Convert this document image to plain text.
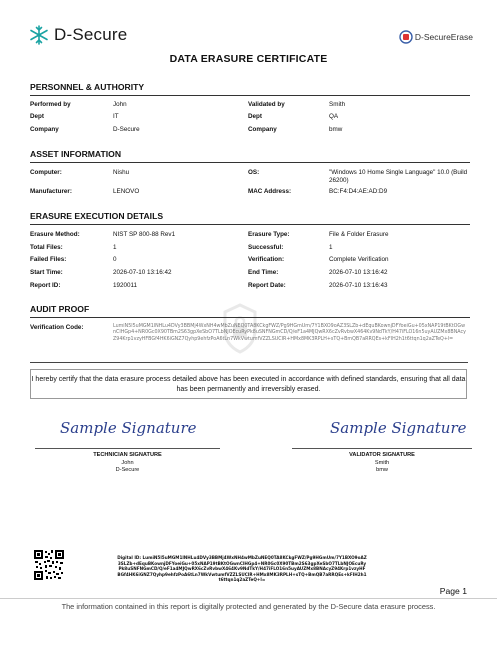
D-Secure	D-SecureErase
DATA ERASURE CERTIFICATE
PERSONNEL & AUTHORITY
Performed by	John	Validated by	Smith
Dept	IT	Dept	QA
Company	D-Secure	Company	bmw
ASSET INFORMATION
Computer:	Nishu	OS:	"Windows 10 Home Single Language" 10.0 (Build 26200)
Manufacturer:	LENOVO	MAC Address:	BC:F4:D4:AE:AD:D9
ERASURE EXECUTION DETAILS
Erasure Method:	NIST SP 800-88 Rev1	Erasure Type:	File & Folder Erasure
Total Files:	1	Successful:	1
Failed Files:	0	Verification:	Complete Verification
Start Time:	2026-07-10 13:16:42	End Time:	2026-07-10 13:16:42
Report ID:	1920011	Report Date:	2026-07-10 13:16:43
AUDIT PROOF
Verification Code:	LumiN5l5uMGM1lNHLu4DVy3BBMj4WxNH4wMbZuNEQ0TA8KCkgFWZ/Pg9HGmUm/7Y1BXO9oAZ3SLZb+dEquBKownjDFYoeiGu+05xNAP19tBKtOGwnClHGp4+NR0Gc0X90TBm2S63gpXeSbO7TLbNJOEcuRyPk8uSNFNGmCD/Q/eF1a4MJQwRX6cZvRvbwX464Kv9NdTkY/H47iFLO16n5uyAUZMx8BNAcyZ94Krp1vzyHFBGf4HK6iGNZ7Qyhp9ehfzPoA6tLn7WkVwtumfVZZLSUCIR+HMx8MK3RPLH+sTQ+BmQB7aRRQEs+kFIH2h1t6ttqn1q2aZTeQ+l=
I hereby certify that the data erasure process detailed above has been executed in accordance with defined standards, ensuring that all data has been permanently and irreversibly erased.
Sample Signature
TECHNICIAN SIGNATURE
John
D-Secure
Sample Signature
VALIDATOR SIGNATURE
Smith
bmw
Digital ID: LumiN5l5uMGM1lNHLu4DVy3BBMj4WxNH4wMbZuNEQ0TA8KCkgFWZ/Pg9HGmUm/7Y1BXO9oAZ3SLZb+dEquBKownjDFYoeiGu+05xNAP19tBKtOGwnClHGp4+NR0Gc0X90TBm2S63gpXeSbO7TLbNJOEcuRyPk8uSNFNGmCD/Q/eF1a4MJQwRX6cZvRvbwX464Kv9NdTkY/H47iFLO16n5uyAUZMx8BNAcyZ94Krp1vzyHFBGf4HK6iGNZ7Qyhp9ehfzPoA6tLn7WkVwtumfVZZLSUCIR+HMx8MK3RPLH+sTQ+BmQB7aRRQEs+kFIH2h1t6ttqn1q2aZTeQ+l=
Page 1
The information contained in this report is digitally protected and generated by the D-Secure data erasure process.
